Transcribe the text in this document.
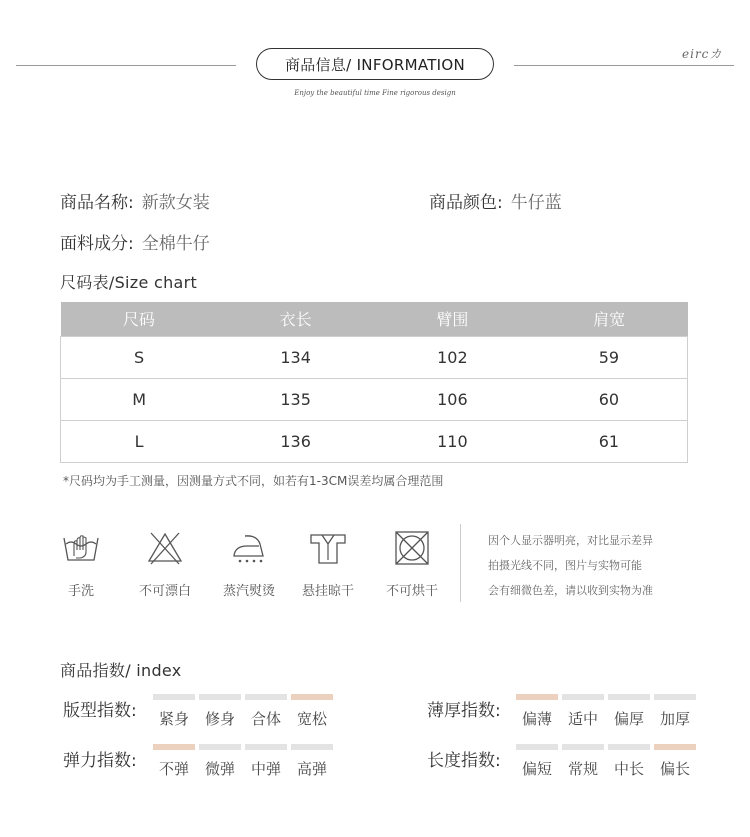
商品信息/ INFORMATION
Enjoy the beautiful time Fine rigorous design
eircカ
商品名称: 新款女装	商品颜色: 牛仔蓝
面料成分: 全棉牛仔
尺码表/Size chart
尺码	衣长	臂围	肩宽
S	134	102	59
M	135	106	60
L	136	110	61
*尺码均为手工测量，因测量方式不同，如若有1-3CM误差均属合理范围
手洗	不可漂白	蒸汽熨烫	悬挂晾干	不可烘干
因个人显示器明亮，对比显示差异
拍摄光线不同，图片与实物可能
会有细微色差，请以收到实物为准
商品指数/ index
版型指数:	紧身	修身	合体	宽松	薄厚指数:	偏薄	适中	偏厚	加厚
弹力指数:	不弹	微弹	中弹	高弹	长度指数:	偏短	常规	中长	偏长
